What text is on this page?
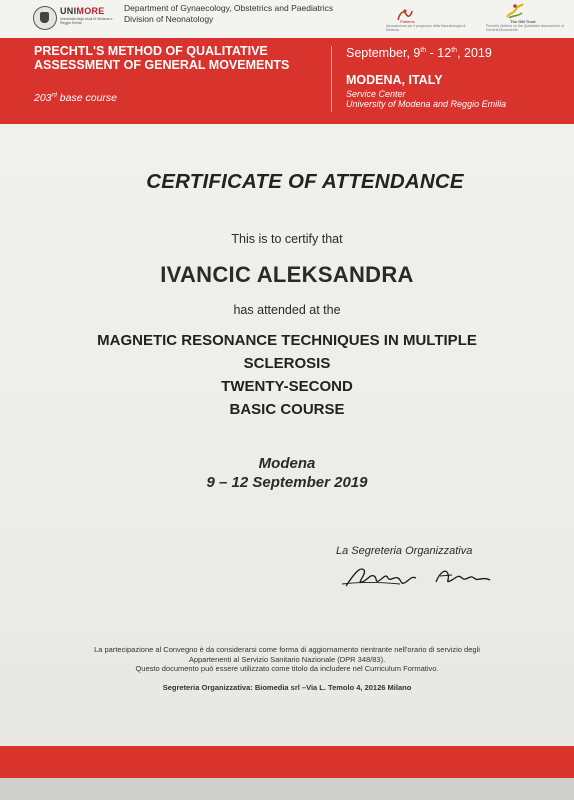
UNIMORE
Università degli studi di Modena e Reggio Emilia
Department of Gynaecology, Obstetrics and Paediatrics
Division of Neonatology	Patterns
Associazione per il progresso della Neonatologia di Modena
The GM Trust
Prechtl's Method on the Qualitative Assessment of General Movements
PRECHTL'S METHOD OF QUALITATIVE
ASSESSMENT OF GENERAL MOVEMENTS
203rd base course
September, 9th - 12th, 2019
MODENA, ITALY
Service Center
University of Modena and Reggio Emilia
CERTIFICATE OF ATTENDANCE
This is to certify that
IVANCIC ALEKSANDRA
has attended at the
MAGNETIC RESONANCE TECHNIQUES IN MULTIPLE
SCLEROSIS
TWENTY-SECOND
BASIC COURSE
Modena
9 – 12 September 2019
La Segreteria Organizzativa
La partecipazione al Convegno è da considerarsi come forma di aggiornamento rientrante nell'orario di servizio degli
Appartenenti al Servizio Sanitario Nazionale (DPR 348/83).
Questo documento può essere utilizzato come titolo da includere nel Curriculum Formativo.
Segreteria Organizzativa: Biomedia srl –Via L. Temolo 4, 20126 Milano
